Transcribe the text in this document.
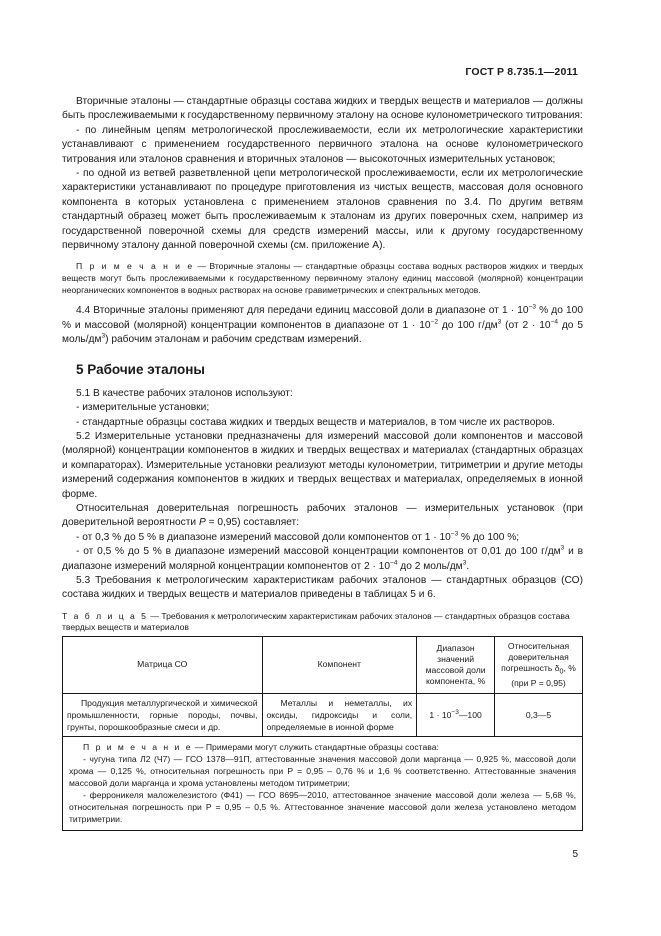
ГОСТ Р 8.735.1—2011

Вторичные эталоны — стандартные образцы состава жидких и твердых веществ и материалов — должны быть прослеживаемыми к государственному первичному эталону на основе кулонометрического титрования:

- по линейным цепям метрологической прослеживаемости, если их метрологические характеристики устанавливают с применением государственного первичного эталона на основе кулонометрического титрования или эталонов сравнения и вторичных эталонов — высокоточных измерительных установок;

- по одной из ветвей разветвленной цепи метрологической прослеживаемости, если их метрологические характеристики устанавливают по процедуре приготовления из чистых веществ, массовая доля основного компонента в которых установлена с применением эталонов сравнения по 3.4. По другим ветвям стандартный образец может быть прослеживаемым к эталонам из других поверочных схем, например из государственной поверочной схемы для средств измерений массы, или к другому государственному первичному эталону данной поверочной схемы (см. приложение А).

П р и м е ч а н и е — Вторичные эталоны — стандартные образцы состава водных растворов жидких и твердых веществ могут быть прослеживаемыми к государственному первичному эталону единиц массовой (молярной) концентрации неорганических компонентов в водных растворах на основе гравиметрических и спектральных методов.

4.4 Вторичные эталоны применяют для передачи единиц массовой доли в диапазоне от $1 \cdot 10^{-3}$ % до 100 % и массовой (молярной) концентрации компонентов в диапазоне от $1 \cdot 10^{-2}$ до 100 $г/дм^3$ (от $2 \cdot 10^{-4}$ до 5 моль/$дм^3$) рабочим эталонам и рабочим средствам измерений.

5 Рабочие эталоны

5.1 В качестве рабочих эталонов используют:

- измерительные установки;

- стандартные образцы состава жидких и твердых веществ и материалов, в том числе их растворов.

5.2 Измерительные установки предназначены для измерений массовой доли компонентов и массовой (молярной) концентрации компонентов в жидких и твердых веществах и материалах (стандартных образцах и компараторах). Измерительные установки реализуют методы кулонометрии, титриметрии и другие методы измерений содержания компонентов в жидких и твердых веществах и материалах, определяемых в ионной форме.

Относительная доверительная погрешность рабочих эталонов — измерительных установок (при доверительной вероятности P = 0,95) составляет:

- от 0,3 % до 5 % в диапазоне измерений массовой доли компонентов от $1 \cdot 10^{-3}$ % до 100 %;

- от 0,5 % до 5 % в диапазоне измерений массовой концентрации компонентов от 0,01 до 100 $г/дм^3$ и в диапазоне измерений молярной концентрации компонентов от $2 \cdot 10^{-4}$ до 2 моль/$дм^3$.

5.3 Требования к метрологическим характеристикам рабочих эталонов — стандартных образцов (СО) состава жидких и твердых веществ и материалов приведены в таблицах 5 и 6.

Т а б л и ц а 5 — Требования к метрологическим характеристикам рабочих эталонов — стандартных образцов состава твердых веществ и материалов
Матрица СО	Компонент	Диапазон значений массовой доли компонента, %	Относительная доверительная погрешность $\delta_0$, % (при P = 0,95)
Продукция металлургической и химической промышленности, горные породы, почвы, грунты, порошкообразные смеси и др.	Металлы и неметаллы, их оксиды, гидроксиды и соли, определяемые в ионной форме	$1 \cdot 10^{-3}—100$	0,3—5

П р и м е ч а н и е — Примерами могут служить стандартные образцы состава:

- чугуна типа Л2 (Ч7) — ГСО 1378—91П, аттестованные значения массовой доли марганца — 0,925 %, массовой доли хрома — 0,125 %, относительная погрешность при P = 0,95 – 0,76 % и 1,6 % соответственно. Аттестованные значения массовой доли марганца и хрома установлены методом титриметрии;

- ферроникеля маложелезистого (Ф41) — ГСО 8695—2010, аттестованное значение массовой доли железа — 5,68 %, относительная погрешность при P = 0,95 – 0,5 %. Аттестованное значение массовой доли железа установлено методом титриметрии.

5
